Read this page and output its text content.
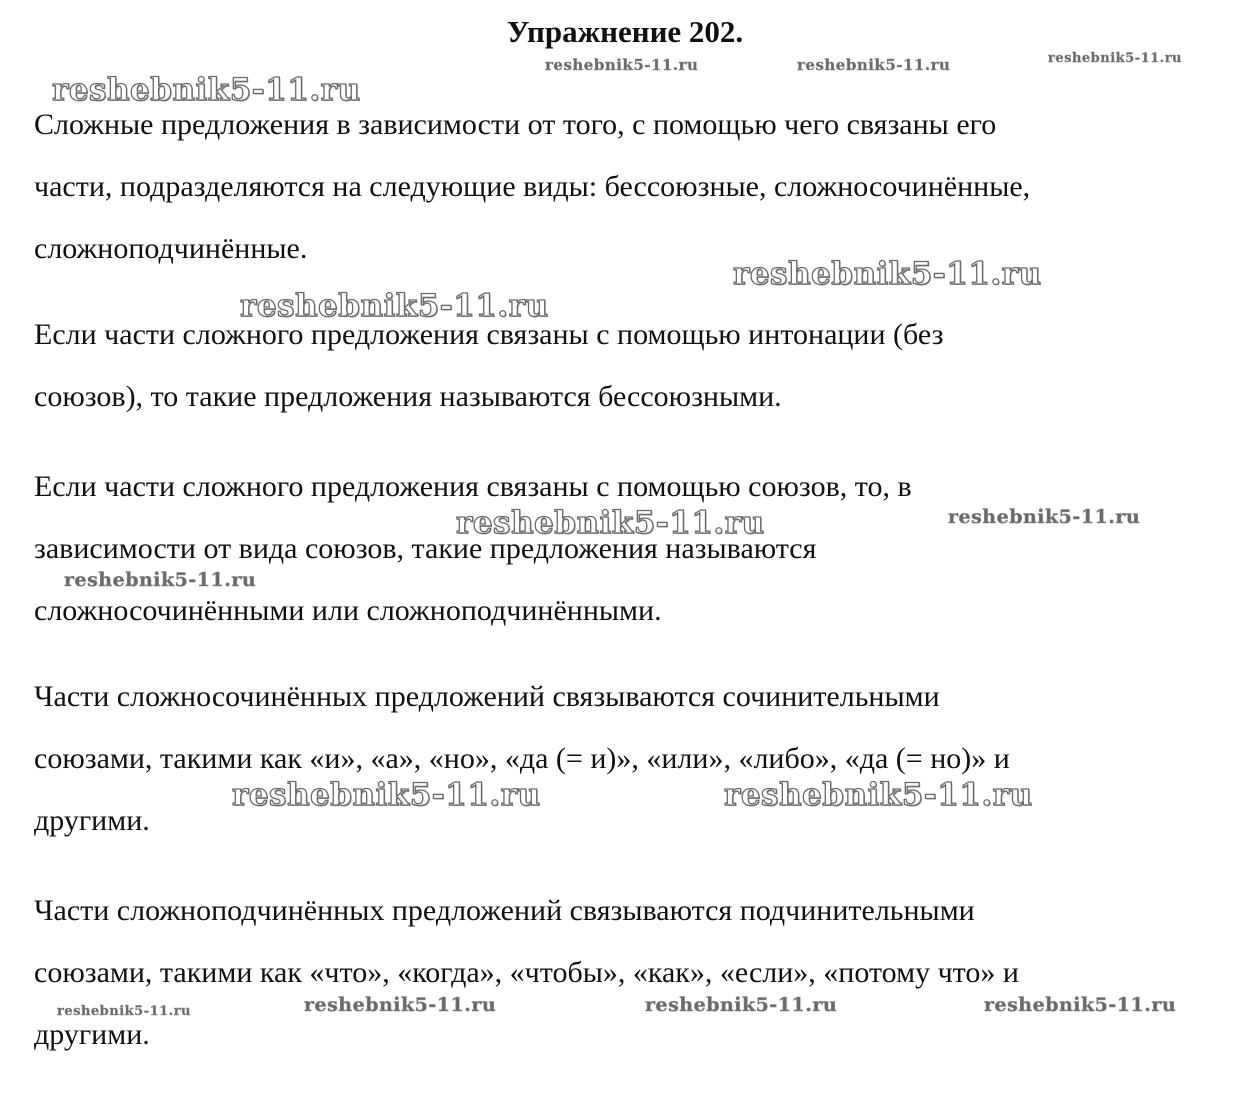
Упражнение 202.

Сложные предложения в зависимости от того, с помощью чего связаны его
части, подразделяются на следующие виды: бессоюзные, сложносочинённые,
сложноподчинённые.

Если части сложного предложения связаны с помощью интонации (без
союзов), то такие предложения называются бессоюзными.

Если части сложного предложения связаны с помощью союзов, то, в
зависимости от вида союзов, такие предложения называются
сложносочинёнными или сложноподчинёнными.

Части сложносочинённых предложений связываются сочинительными
союзами, такими как «и», «а», «но», «да (= и)», «или», «либо», «да (= но)» и
другими.

Части сложноподчинённых предложений связываются подчинительными
союзами, такими как «что», «когда», «чтобы», «как», «если», «потому что» и
другими.

reshebnik5-11.ru	reshebnik5-11.ru	reshebnik5-11.ru
reshebnik5-11.ru
reshebnik5-11.ru
reshebnik5-11.ru
reshebnik5-11.ru	reshebnik5-11.ru
reshebnik5-11.ru
reshebnik5-11.ru	reshebnik5-11.ru
reshebnik5-11.ru	reshebnik5-11.ru	reshebnik5-11.ru	reshebnik5-11.ru
